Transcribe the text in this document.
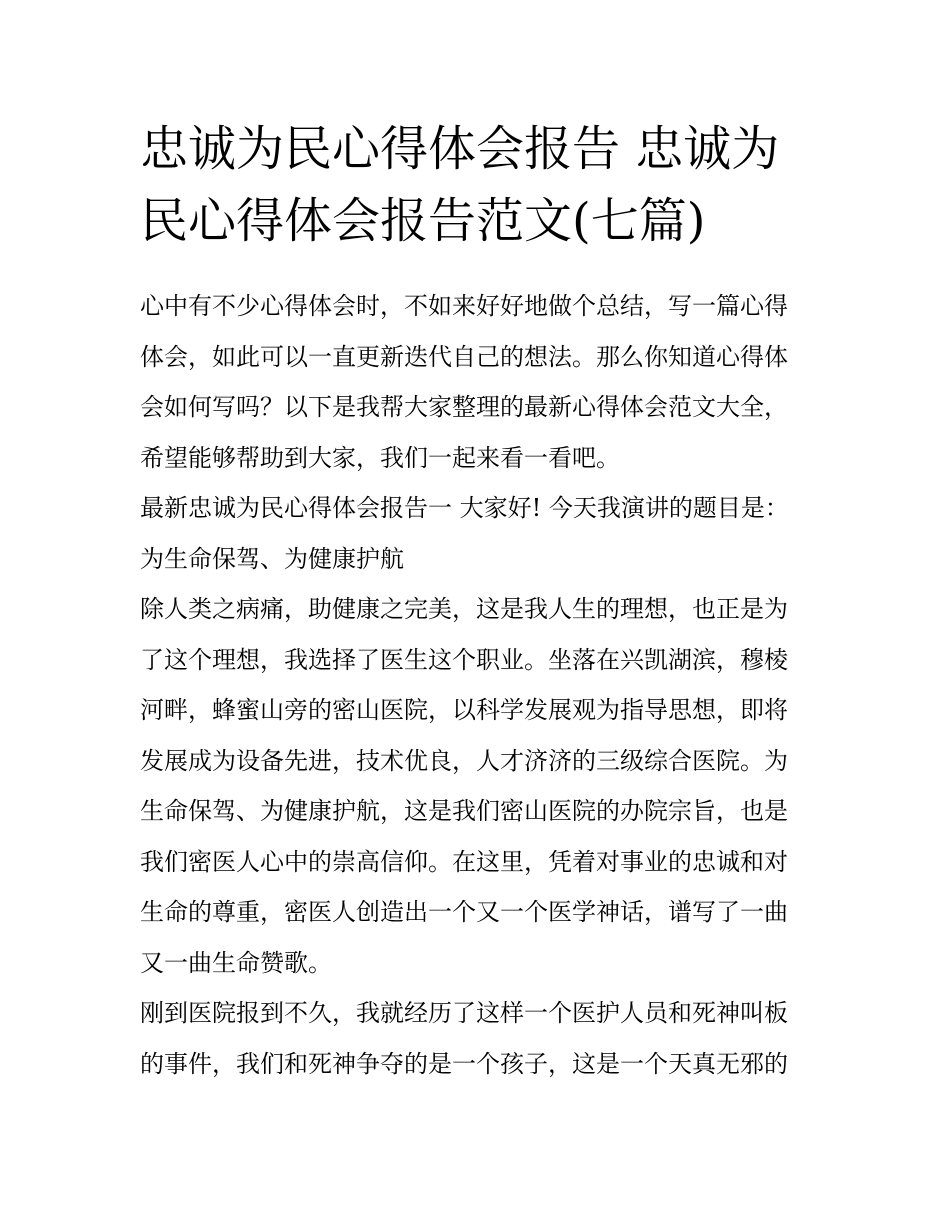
忠诚为民心得体会报告 忠诚为
民心得体会报告范文(七篇)

心中有不少心得体会时，不如来好好地做个总结，写一篇心得
体会，如此可以一直更新迭代自己的想法。那么你知道心得体
会如何写吗？以下是我帮大家整理的最新心得体会范文大全，
希望能够帮助到大家，我们一起来看一看吧。

最新忠诚为民心得体会报告一 大家好! 今天我演讲的题目是：
为生命保驾、为健康护航

除人类之病痛，助健康之完美，这是我人生的理想，也正是为
了这个理想，我选择了医生这个职业。坐落在兴凯湖滨，穆棱
河畔，蜂蜜山旁的密山医院，以科学发展观为指导思想，即将
发展成为设备先进，技术优良，人才济济的三级综合医院。为
生命保驾、为健康护航，这是我们密山医院的办院宗旨，也是
我们密医人心中的崇高信仰。在这里，凭着对事业的忠诚和对
生命的尊重，密医人创造出一个又一个医学神话，谱写了一曲
又一曲生命赞歌。

刚到医院报到不久，我就经历了这样一个医护人员和死神叫板
的事件，我们和死神争夺的是一个孩子，这是一个天真无邪的
